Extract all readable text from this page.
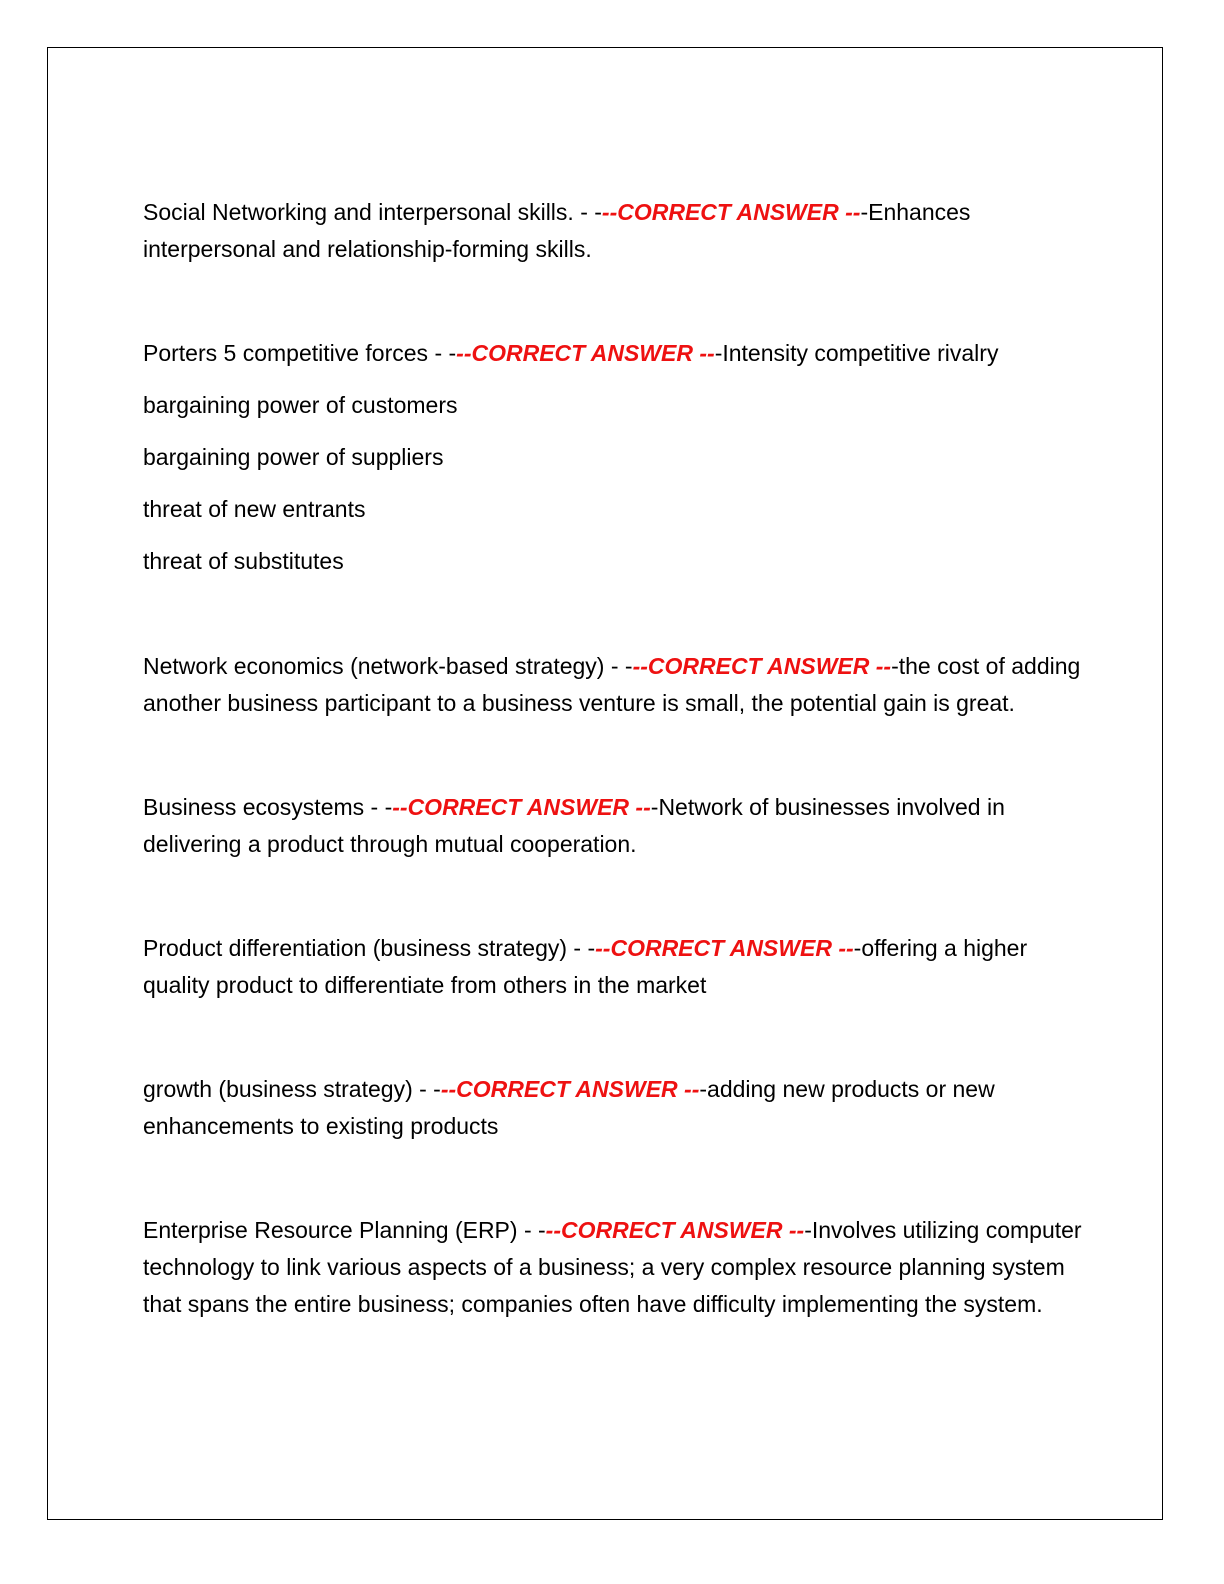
Social Networking and interpersonal skills. - ---CORRECT ANSWER ---Enhances interpersonal and relationship-forming skills.

Porters 5 competitive forces - ---CORRECT ANSWER ---Intensity competitive rivalry

bargaining power of customers

bargaining power of suppliers

threat of new entrants

threat of substitutes

Network economics (network-based strategy) - ---CORRECT ANSWER ---the cost of adding another business participant to a business venture is small, the potential gain is great.

Business ecosystems - ---CORRECT ANSWER ---Network of businesses involved in delivering a product through mutual cooperation.

Product differentiation (business strategy) - ---CORRECT ANSWER ---offering a higher quality product to differentiate from others in the market

growth (business strategy) - ---CORRECT ANSWER ---adding new products or new enhancements to existing products

Enterprise Resource Planning (ERP) - ---CORRECT ANSWER ---Involves utilizing computer technology to link various aspects of a business; a very complex resource planning system that spans the entire business; companies often have difficulty implementing the system.
